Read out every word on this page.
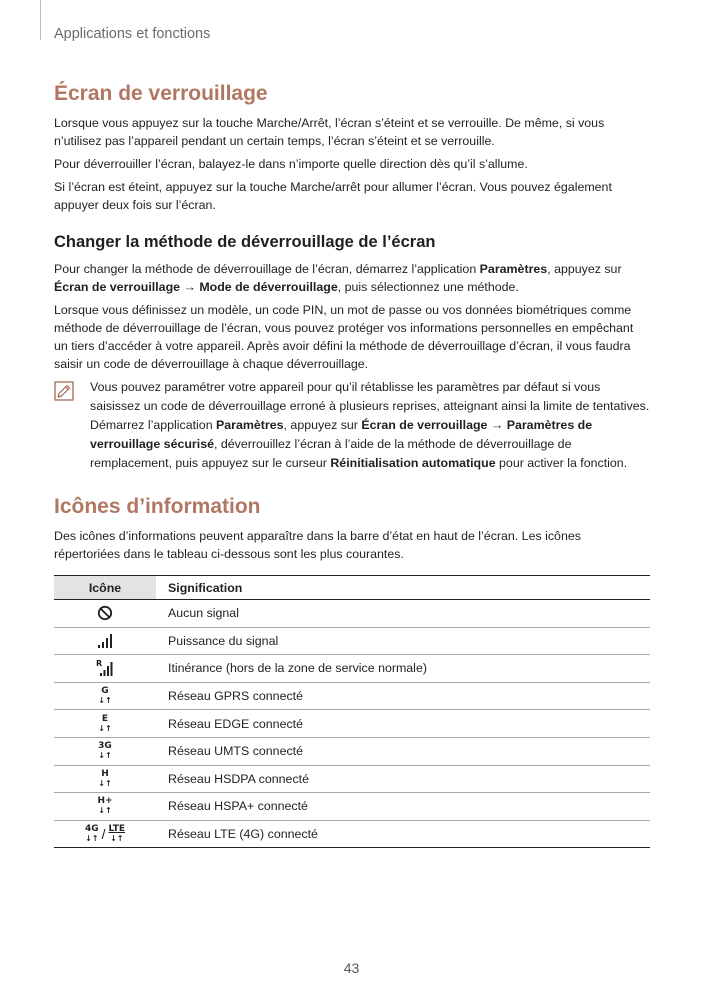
Applications et fonctions
Écran de verrouillage

Lorsque vous appuyez sur la touche Marche/Arrêt, l’écran s’éteint et se verrouille. De même, si vous n’utilisez pas l’appareil pendant un certain temps, l’écran s’éteint et se verrouille.

Pour déverrouiller l’écran, balayez-le dans n’importe quelle direction dès qu’il s’allume.

Si l’écran est éteint, appuyez sur la touche Marche/arrêt pour allumer l’écran. Vous pouvez également appuyer deux fois sur l’écran.

Changer la méthode de déverrouillage de l’écran

Pour changer la méthode de déverrouillage de l’écran, démarrez l’application Paramètres, appuyez sur Écran de verrouillage → Mode de déverrouillage, puis sélectionnez une méthode.

Lorsque vous définissez un modèle, un code PIN, un mot de passe ou vos données biométriques comme méthode de déverrouillage de l’écran, vous pouvez protéger vos informations personnelles en empêchant un tiers d’accéder à votre appareil. Après avoir défini la méthode de déverrouillage d’écran, il vous faudra saisir un code de déverrouillage à chaque déverrouillage.

Vous pouvez paramétrer votre appareil pour qu’il rétablisse les paramètres par défaut si vous saisissez un code de déverrouillage erroné à plusieurs reprises, atteignant ainsi la limite de tentatives. Démarrez l’application Paramètres, appuyez sur Écran de verrouillage → Paramètres de verrouillage sécurisé, déverrouillez l’écran à l’aide de la méthode de déverrouillage de remplacement, puis appuyez sur le curseur Réinitialisation automatique pour activer la fonction.
Icônes d’information

Des icônes d’informations peuvent apparaître dans la barre d’état en haut de l’écran. Les icônes répertoriées dans le tableau ci-dessous sont les plus courantes.

Icône	Signification
	Aucun signal
	Puissance du signal

R	Itinérance (hors de la zone de service normale)

G
↓↑	Réseau GPRS connecté

E
↓↑	Réseau EDGE connecté

3G
↓↑	Réseau UMTS connecté

H
↓↑	Réseau HSDPA connecté

H+
↓↑	Réseau HSPA+ connecté

4G
↓↑ / LTE
↓↑	Réseau LTE (4G) connecté
43
